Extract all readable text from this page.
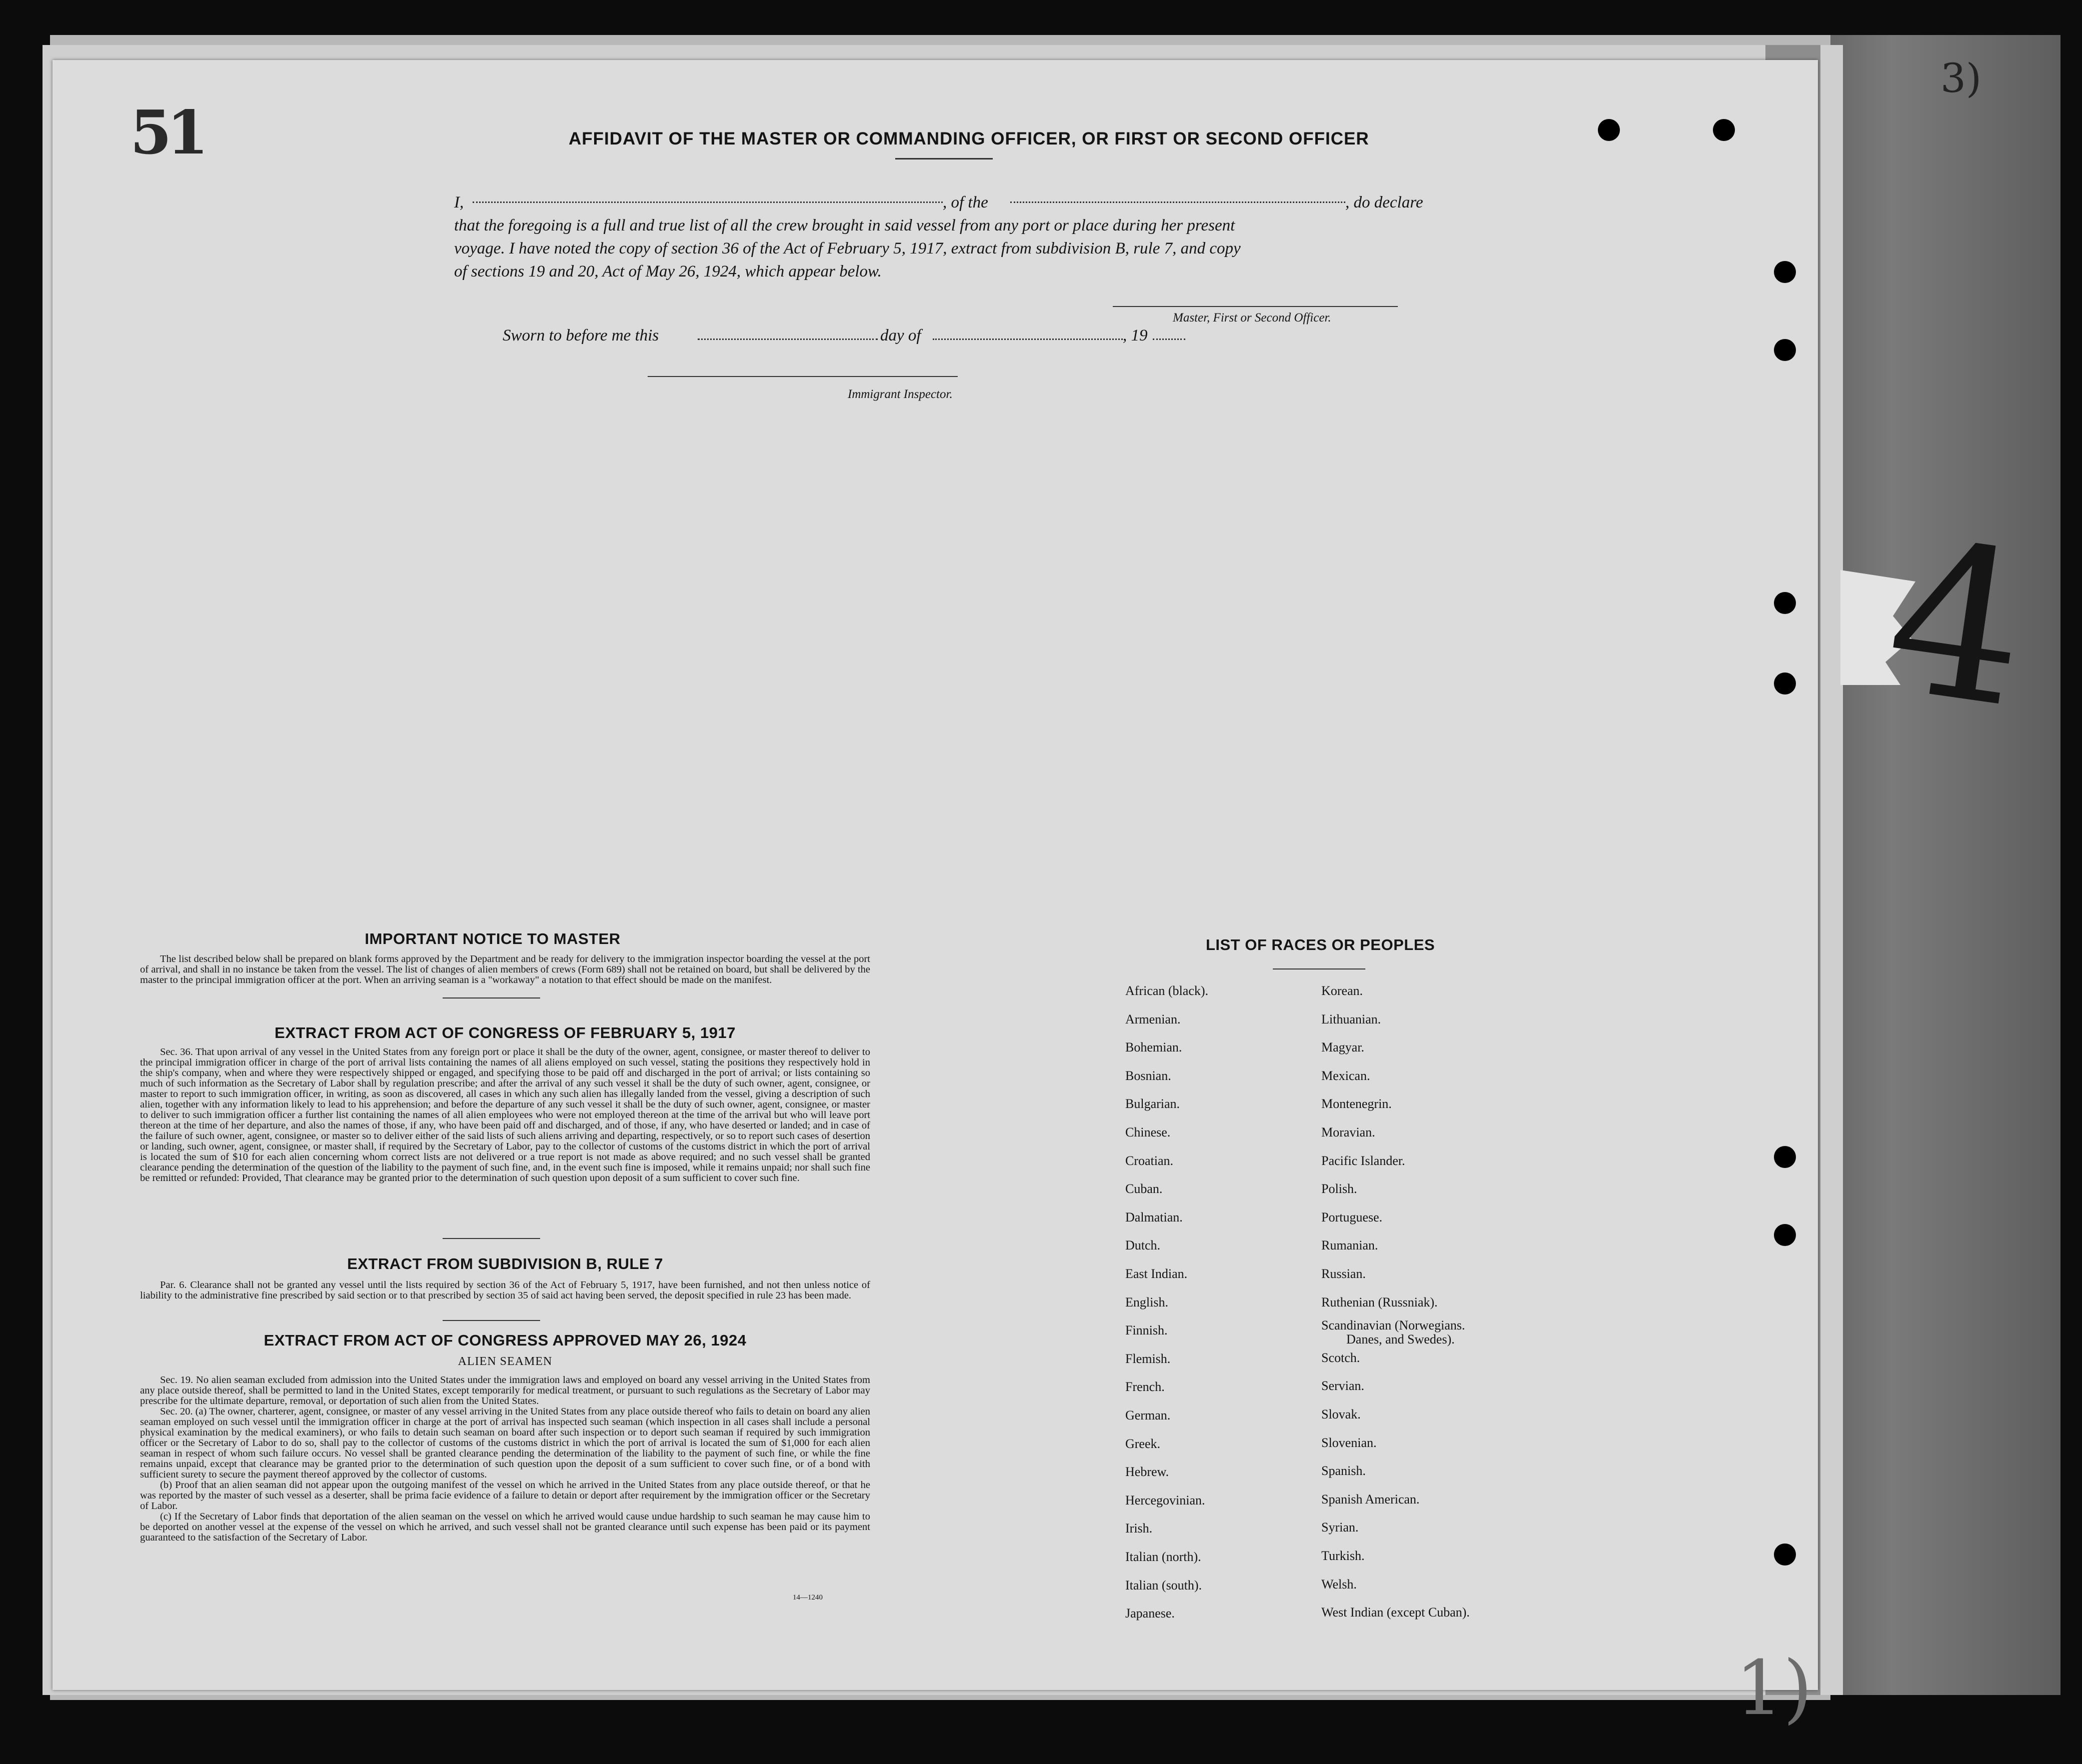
4
3)
51	AFFIDAVIT OF THE MASTER OR COMMANDING OFFICER, OR FIRST OR SECOND OFFICER
I,	, of the	, do declare
that the foregoing is a full and true list of all the crew brought in said vessel from any port or place during her present
voyage. I have noted the copy of section 36 of the Act of February 5, 1917, extract from subdivision B, rule 7, and copy
of sections 19 and 20, Act of May 26, 1924, which appear below.
Master, First or Second Officer.
Sworn to before me this	day of	, 19
Immigrant Inspector.
IMPORTANT NOTICE TO MASTER
The list described below shall be prepared on blank forms approved by the Department and be ready for delivery to the immigration inspector boarding the vessel at the port of arrival, and shall in no instance be taken from the vessel. The list of changes of alien members of crews (Form 689) shall not be retained on board, but shall be delivered by the master to the principal immigration officer at the port. When an arriving seaman is a "workaway" a notation to that effect should be made on the manifest.
EXTRACT FROM ACT OF CONGRESS OF FEBRUARY 5, 1917
Sec. 36. That upon arrival of any vessel in the United States from any foreign port or place it shall be the duty of the owner, agent, consignee, or master thereof to deliver to the principal immigration officer in charge of the port of arrival lists containing the names of all aliens employed on such vessel, stating the positions they respectively hold in the ship's company, when and where they were respectively shipped or engaged, and specifying those to be paid off and discharged in the port of arrival; or lists containing so much of such information as the Secretary of Labor shall by regulation prescribe; and after the arrival of any such vessel it shall be the duty of such owner, agent, consignee, or master to report to such immigration officer, in writing, as soon as discovered, all cases in which any such alien has illegally landed from the vessel, giving a description of such alien, together with any information likely to lead to his apprehension; and before the departure of any such vessel it shall be the duty of such owner, agent, consignee, or master to deliver to such immigration officer a further list containing the names of all alien employees who were not employed thereon at the time of the arrival but who will leave port thereon at the time of her departure, and also the names of those, if any, who have been paid off and discharged, and of those, if any, who have deserted or landed; and in case of the failure of such owner, agent, consignee, or master so to deliver either of the said lists of such aliens arriving and departing, respectively, or so to report such cases of desertion or landing, such owner, agent, consignee, or master shall, if required by the Secretary of Labor, pay to the collector of customs of the customs district in which the port of arrival is located the sum of $10 for each alien concerning whom correct lists are not delivered or a true report is not made as above required; and no such vessel shall be granted clearance pending the determination of the question of the liability to the payment of such fine, and, in the event such fine is imposed, while it remains unpaid; nor shall such fine be remitted or refunded: Provided, That clearance may be granted prior to the determination of such question upon deposit of a sum sufficient to cover such fine.
EXTRACT FROM SUBDIVISION B, RULE 7
Par. 6. Clearance shall not be granted any vessel until the lists required by section 36 of the Act of February 5, 1917, have been furnished, and not then unless notice of liability to the administrative fine prescribed by said section or to that prescribed by section 35 of said act having been served, the deposit specified in rule 23 has been made.
EXTRACT FROM ACT OF CONGRESS APPROVED MAY 26, 1924
ALIEN SEAMEN
Sec. 19. No alien seaman excluded from admission into the United States under the immigration laws and employed on board any vessel arriving in the United States from any place outside thereof, shall be permitted to land in the United States, except temporarily for medical treatment, or pursuant to such regulations as the Secretary of Labor may prescribe for the ultimate departure, removal, or deportation of such alien from the United States.
Sec. 20. (a) The owner, charterer, agent, consignee, or master of any vessel arriving in the United States from any place outside thereof who fails to detain on board any alien seaman employed on such vessel until the immigration officer in charge at the port of arrival has inspected such seaman (which inspection in all cases shall include a personal physical examination by the medical examiners), or who fails to detain such seaman on board after such inspection or to deport such seaman if required by such immigration officer or the Secretary of Labor to do so, shall pay to the collector of customs of the customs district in which the port of arrival is located the sum of $1,000 for each alien seaman in respect of whom such failure occurs. No vessel shall be granted clearance pending the determination of the liability to the payment of such fine, or while the fine remains unpaid, except that clearance may be granted prior to the determination of such question upon the deposit of a sum sufficient to cover such fine, or of a bond with sufficient surety to secure the payment thereof approved by the collector of customs.
(b) Proof that an alien seaman did not appear upon the outgoing manifest of the vessel on which he arrived in the United States from any place outside thereof, or that he was reported by the master of such vessel as a deserter, shall be prima facie evidence of a failure to detain or deport after requirement by the immigration officer or the Secretary of Labor.
(c) If the Secretary of Labor finds that deportation of the alien seaman on the vessel on which he arrived would cause undue hardship to such seaman he may cause him to be deported on another vessel at the expense of the vessel on which he arrived, and such vessel shall not be granted clearance until such expense has been paid or its payment guaranteed to the satisfaction of the Secretary of Labor.
14—1240
LIST OF RACES OR PEOPLES
African (black).
Armenian.
Bohemian.
Bosnian.
Bulgarian.
Chinese.
Croatian.
Cuban.
Dalmatian.
Dutch.
East Indian.
English.
Finnish.
Flemish.
French.
German.
Greek.
Hebrew.
Hercegovinian.
Irish.
Italian (north).
Italian (south).
Japanese.
Korean.
Lithuanian.
Magyar.
Mexican.
Montenegrin.
Moravian.
Pacific Islander.
Polish.
Portuguese.
Rumanian.
Russian.
Ruthenian (Russniak).
Scandinavian (Norwegians.
Danes, and Swedes).
Scotch.
Servian.
Slovak.
Slovenian.
Spanish.
Spanish American.
Syrian.
Turkish.
Welsh.
West Indian (except Cuban).
1)
